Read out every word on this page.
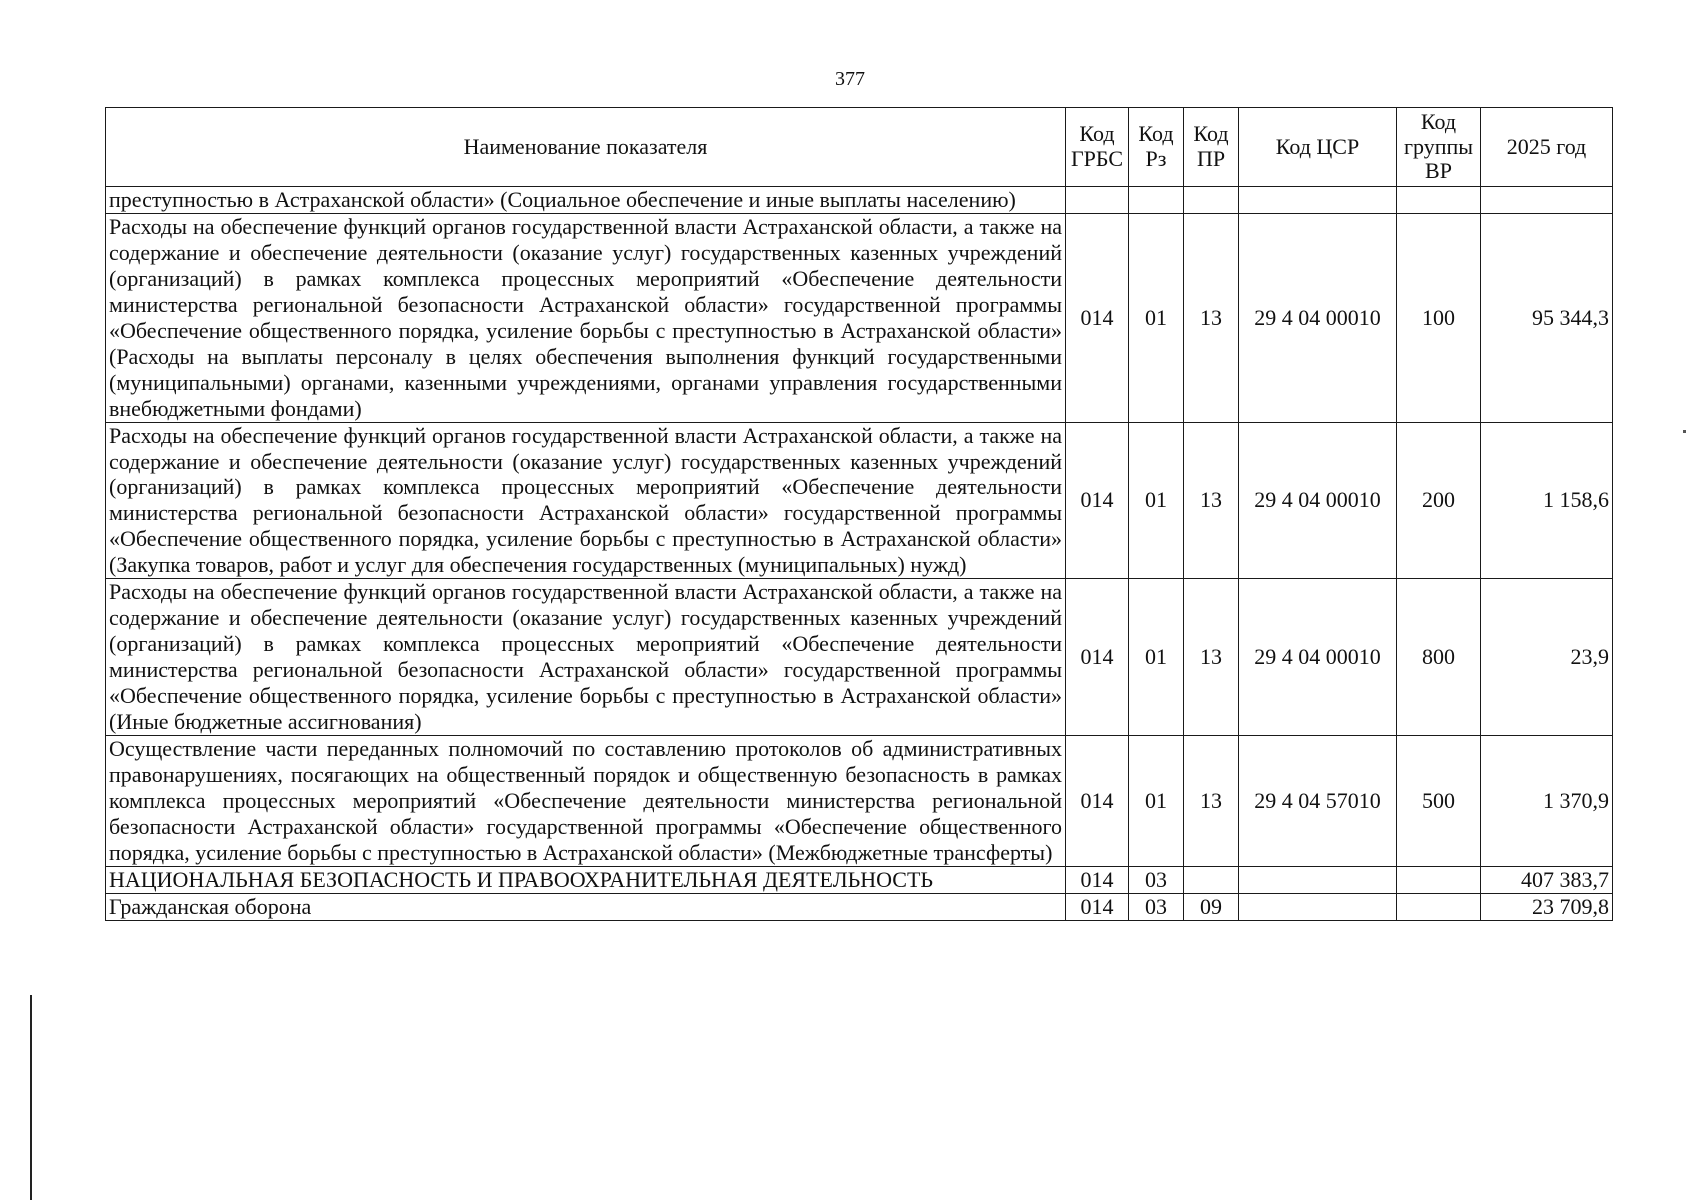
377
Наименование показателя	Код ГРБС	Код Рз	Код ПР	Код ЦСР	Код группы ВР	2025 год
преступностью в Астраханской области» (Социальное обеспечение и иные выплаты населению)						
Расходы на обеспечение функций органов государственной власти Астраханской области, а также на содержание и обеспечение деятельности (оказание услуг) государственных казенных учреждений (организаций) в рамках комплекса процессных мероприятий «Обеспечение деятельности министерства региональной безопасности Астраханской области» государственной программы «Обеспечение общественного порядка, усиление борьбы с преступностью в Астраханской области» (Расходы на выплаты персоналу в целях обеспечения выполнения функций государственными (муниципальными) органами, казенными учреждениями, органами управления государственными внебюджетными фондами)	014	01	13	29 4 04 00010	100	95 344,3
Расходы на обеспечение функций органов государственной власти Астраханской области, а также на содержание и обеспечение деятельности (оказание услуг) государственных казенных учреждений (организаций) в рамках комплекса процессных мероприятий «Обеспечение деятельности министерства региональной безопасности Астраханской области» государственной программы «Обеспечение общественного порядка, усиление борьбы с преступностью в Астраханской области» (Закупка товаров, работ и услуг для обеспечения государственных (муниципальных) нужд)	014	01	13	29 4 04 00010	200	1 158,6
Расходы на обеспечение функций органов государственной власти Астраханской области, а также на содержание и обеспечение деятельности (оказание услуг) государственных казенных учреждений (организаций) в рамках комплекса процессных мероприятий «Обеспечение деятельности министерства региональной безопасности Астраханской области» государственной программы «Обеспечение общественного порядка, усиление борьбы с преступностью в Астраханской области» (Иные бюджетные ассигнования)	014	01	13	29 4 04 00010	800	23,9
Осуществление части переданных полномочий по составлению протоколов об административных правонарушениях, посягающих на общественный порядок и общественную безопасность в рамках комплекса процессных мероприятий «Обеспечение деятельности министерства региональной безопасности Астраханской области» государственной программы «Обеспечение общественного порядка, усиление борьбы с преступностью в Астраханской области» (Межбюджетные трансферты)	014	01	13	29 4 04 57010	500	1 370,9
НАЦИОНАЛЬНАЯ БЕЗОПАСНОСТЬ И ПРАВООХРАНИТЕЛЬНАЯ ДЕЯТЕЛЬНОСТЬ	014	03				407 383,7
Гражданская оборона	014	03	09			23 709,8
